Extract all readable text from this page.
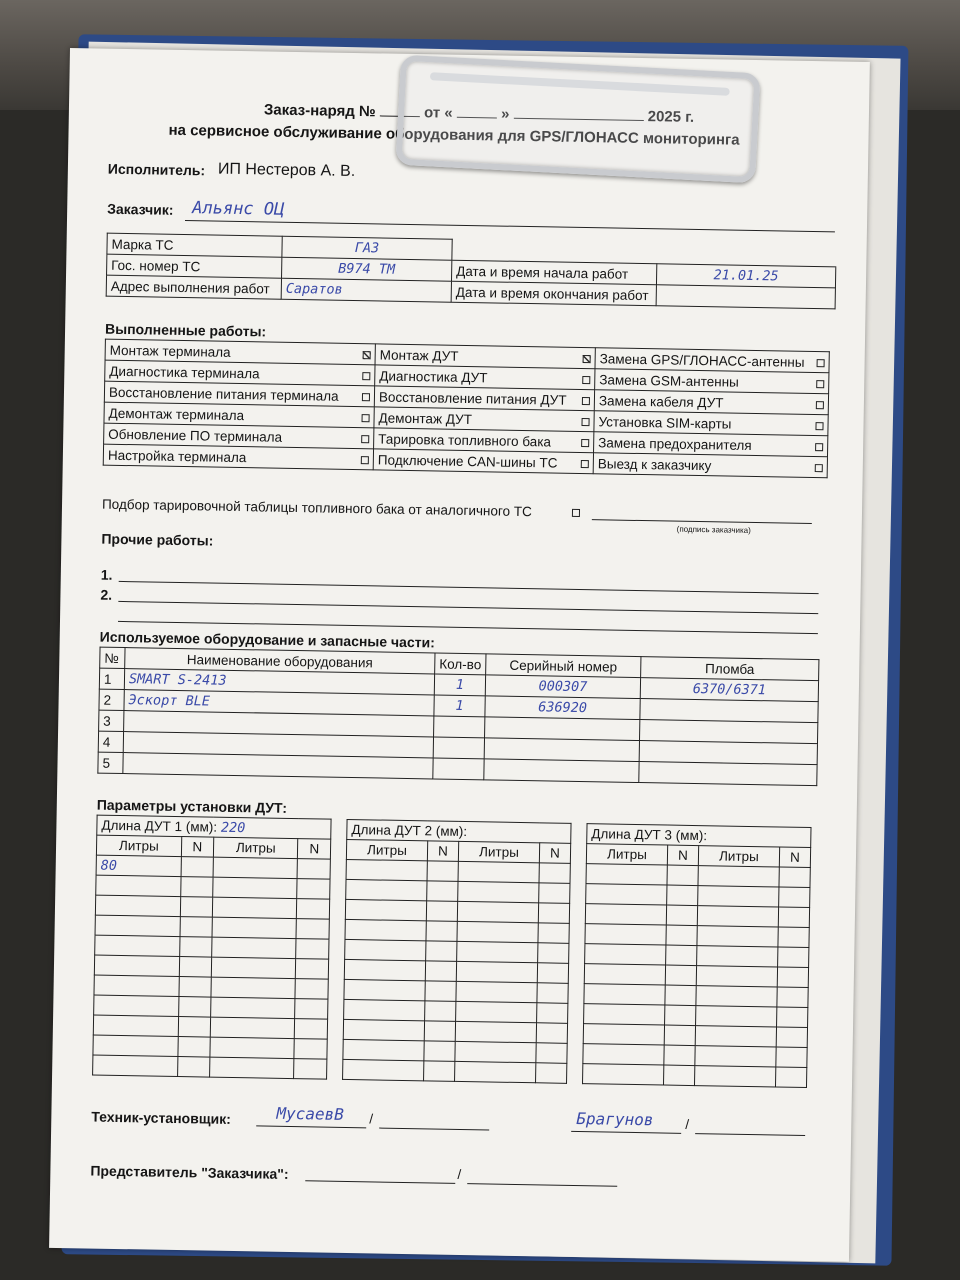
Заказ-наряд №	от «	»	2025 г.
на сервисное обслуживание оборудования для GPS/ГЛОНАСС мониторинга
Исполнитель: ИП Нестеров А. В.
Заказчик: Альянс ОЦ
Марка ТС	ГАЗ		
Гос. номер ТС	В974 ТМ	Дата и время начала работ	21.01.25
Адрес выполнения работ	Саратов	Дата и время окончания работ	
Выполненные работы:
Монтаж терминала	Монтаж ДУТ	Замена GPS/ГЛОНАСС-антенны

Диагностика терминала	Диагностика ДУТ	Замена GSM-антенны

Восстановление питания терминала	Восстановление питания ДУТ	Замена кабеля ДУТ

Демонтаж терминала	Демонтаж ДУТ	Установка SIM-карты

Обновление ПО терминала	Тарировка топливного бака	Замена предохранителя

Настройка терминала	Подключение CAN-шины ТС	Выезд к заказчику
Подбор тарировочной таблицы топливного бака от аналогичного ТС
(подпись заказчика)
Прочие работы:
1.
2.
Используемое оборудование и запасные части:
№	Наименование оборудования	Кол-во	Серийный номер	Пломба
1	SMART S-2413	1	000307	6370/6371
2	Эскорт BLE	1	636920	
3				
4				
5				
Параметры установки ДУТ:
Длина ДУТ 1 (мм): 220			
Литры	N	Литры	N
80			

Длина ДУТ 2 (мм):			
Литры	N	Литры	N

Длина ДУТ 3 (мм):			
Литры	N	Литры	N

Техник-установщик:	МусаевВ /	Брагунов /
Представитель "Заказчика":	/
